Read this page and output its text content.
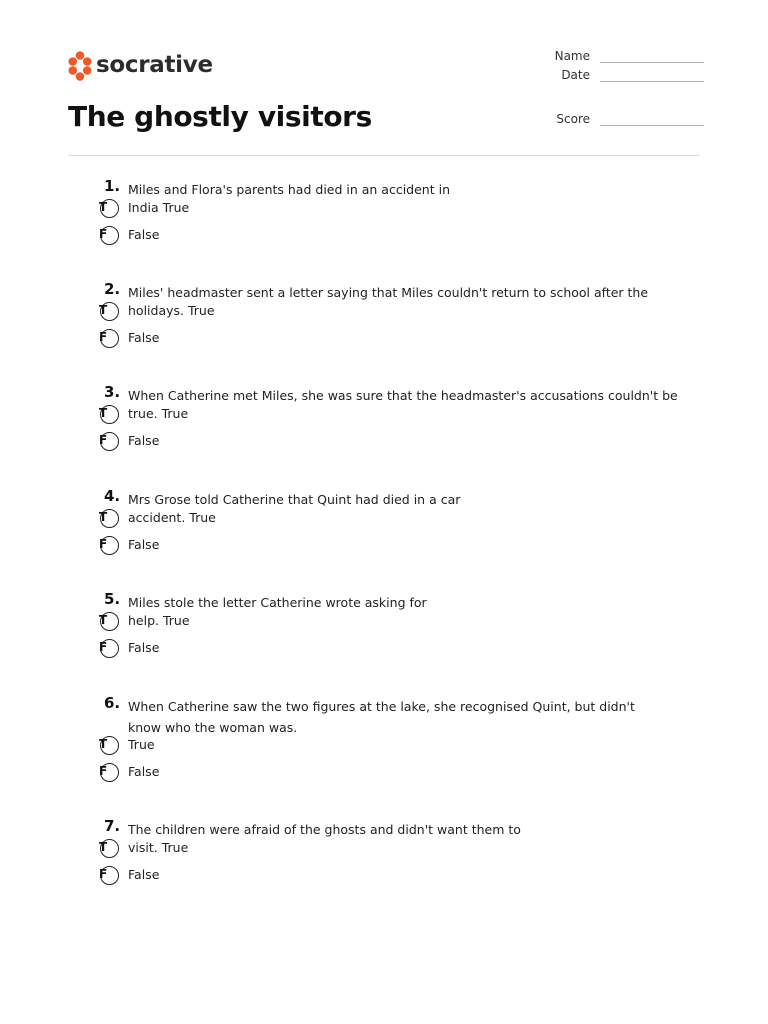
socrative	Name
Date
Score
The ghostly visitors
1. Miles and Flora's parents had died in an accident in
T India True
F False
2. Miles' headmaster sent a letter saying that Miles couldn't return to school after the
T holidays. True
F False
3. When Catherine met Miles, she was sure that the headmaster's accusations couldn't be
T true. True
F False
4. Mrs Grose told Catherine that Quint had died in a car
T accident. True
F False
5. Miles stole the letter Catherine wrote asking for
T help. True
F False
6. When Catherine saw the two figures at the lake, she recognised Quint, but didn't know who the woman was.
T True
F False
7. The children were afraid of the ghosts and didn't want them to
T visit. True
F False
